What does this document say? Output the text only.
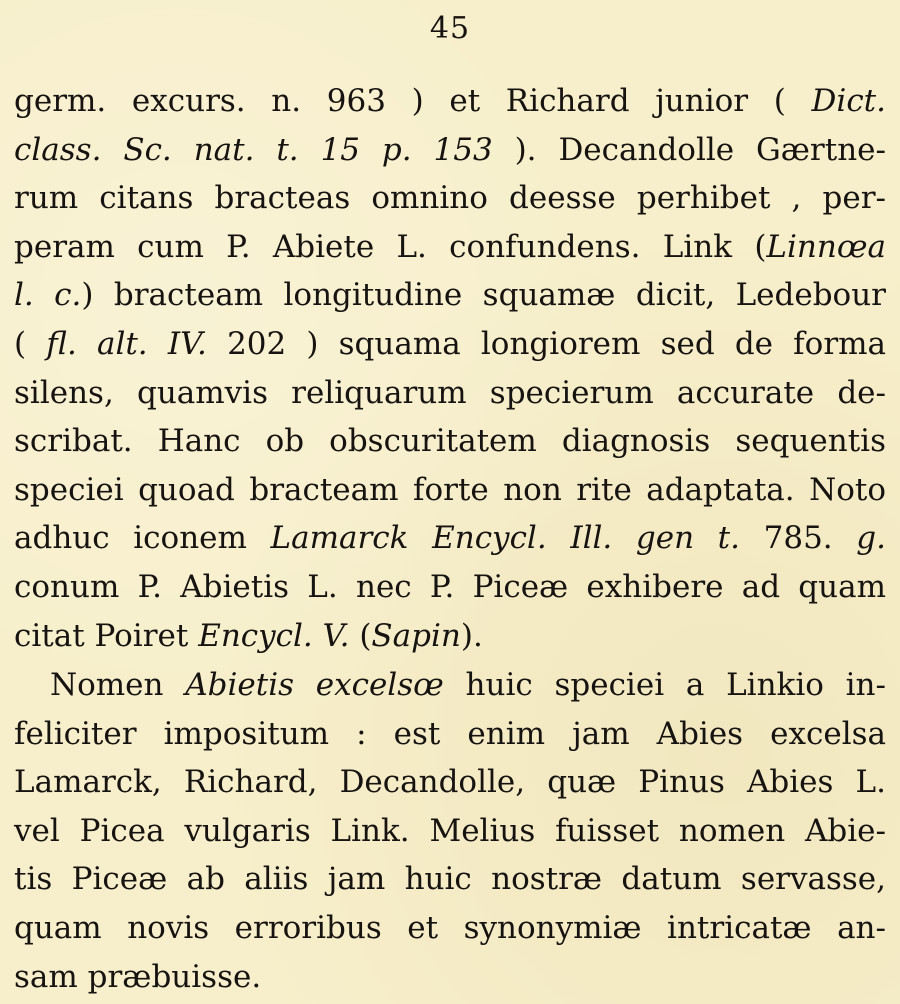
45
germ. excurs. n. 963 ) et Richard junior ( Dict.
class. Sc. nat. t. 15 p. 153 ). Decandolle Gærtne-
rum citans bracteas omnino deesse perhibet , per-
peram cum P. Abiete L. confundens. Link (Linnœa
l. c.) bracteam longitudine squamæ dicit, Ledebour
( fl. alt. IV. 202 ) squama longiorem sed de forma
silens, quamvis reliquarum specierum accurate de-
scribat. Hanc ob obscuritatem diagnosis sequentis
speciei quoad bracteam forte non rite adaptata. Noto
adhuc iconem Lamarck Encycl. Ill. gen t. 785. g.
conum P. Abietis L. nec P. Piceæ exhibere ad quam
citat Poiret Encycl. V. (Sapin).
Nomen Abietis excelsœ huic speciei a Linkio in-
feliciter impositum : est enim jam Abies excelsa
Lamarck, Richard, Decandolle, quæ Pinus Abies L.
vel Picea vulgaris Link. Melius fuisset nomen Abie-
tis Piceæ ab aliis jam huic nostræ datum servasse,
quam novis erroribus et synonymiæ intricatæ an-
sam præbuisse.
